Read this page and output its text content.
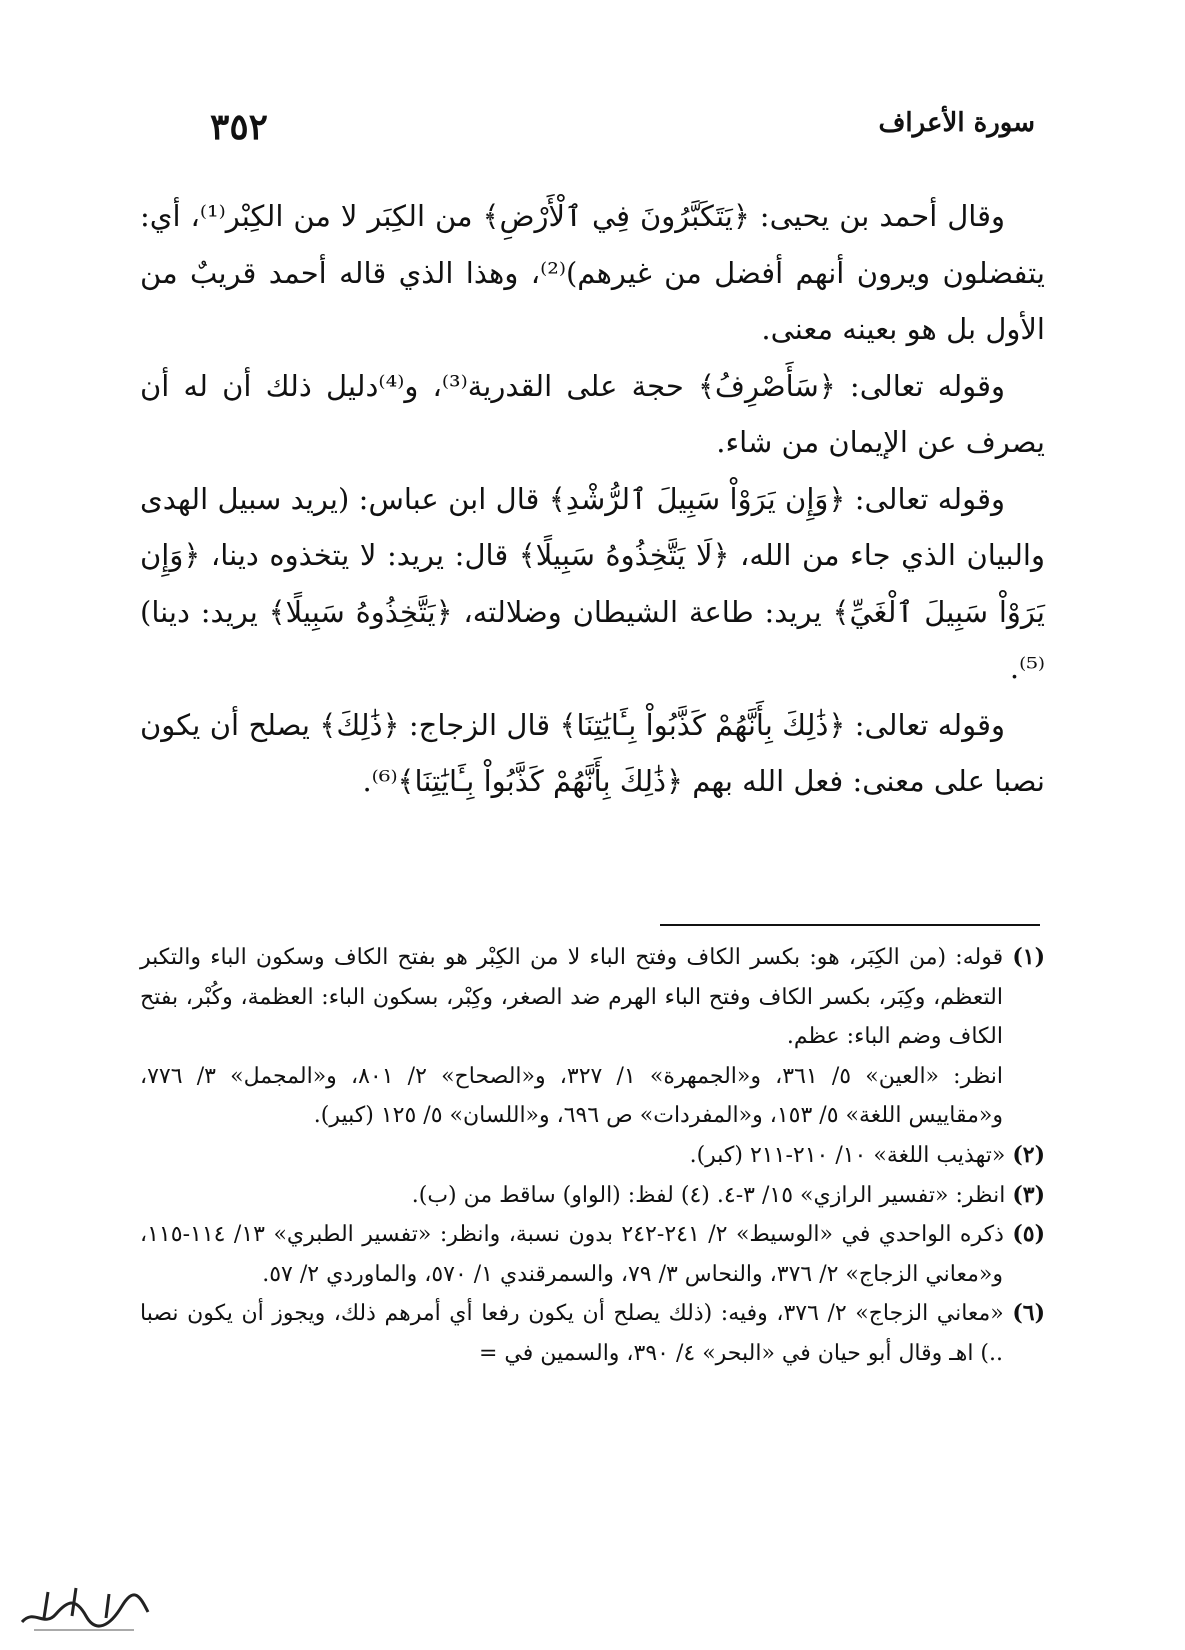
٣٥٢	سورة الأعراف

وقال أحمد بن يحيى: ﴿يَتَكَبَّرُونَ فِي ٱلْأَرْضِ﴾ من الكِبَر لا من الكِبْر⁽¹⁾، أي: يتفضلون ويرون أنهم أفضل من غيرهم)⁽²⁾، وهذا الذي قاله أحمد قريبٌ من الأول بل هو بعينه معنى.

وقوله تعالى: ﴿سَأَصْرِفُ﴾ حجة على القدرية⁽³⁾، و⁽⁴⁾دليل ذلك أن له أن يصرف عن الإيمان من شاء.

وقوله تعالى: ﴿وَإِن يَرَوْاْ سَبِيلَ ٱلرُّشْدِ﴾ قال ابن عباس: (يريد سبيل الهدى والبيان الذي جاء من الله، ﴿لَا يَتَّخِذُوهُ سَبِيلًا﴾ قال: يريد: لا يتخذوه دينا، ﴿وَإِن يَرَوْاْ سَبِيلَ ٱلْغَيِّ﴾ يريد: طاعة الشيطان وضلالته، ﴿يَتَّخِذُوهُ سَبِيلًا﴾ يريد: دينا)⁽⁵⁾.

وقوله تعالى: ﴿ذَٰلِكَ بِأَنَّهُمْ كَذَّبُواْ بِـَٔايَٰتِنَا﴾ قال الزجاج: ﴿ذَٰلِكَ﴾ يصلح أن يكون نصبا على معنى: فعل الله بهم ﴿ذَٰلِكَ بِأَنَّهُمْ كَذَّبُواْ بِـَٔايَٰتِنَا﴾⁽⁶⁾.

(١) قوله: (من الكِبَر، هو: بكسر الكاف وفتح الباء لا من الكِبْر هو بفتح الكاف وسكون الباء والتكبر التعظم، وكِبَر، بكسر الكاف وفتح الباء الهرم ضد الصغر، وكِبْر، بسكون الباء: العظمة، وكُبْر، بفتح الكاف وضم الباء: عظم.

انظر: «العين» ٥/ ٣٦١، و«الجمهرة» ١/ ٣٢٧، و«الصحاح» ٢/ ٨٠١، و«المجمل» ٣/ ٧٧٦، و«مقاييس اللغة» ٥/ ١٥٣، و«المفردات» ص ٦٩٦، و«اللسان» ٥/ ١٢٥ (كبير).

(٢) «تهذيب اللغة» ١٠/ ٢١٠-٢١١ (كبر).

(٣) انظر: «تفسير الرازي» ١٥/ ٣-٤. (٤) لفظ: (الواو) ساقط من (ب).

(٥) ذكره الواحدي في «الوسيط» ٢/ ٢٤١-٢٤٢ بدون نسبة، وانظر: «تفسير الطبري» ١٣/ ١١٤-١١٥، و«معاني الزجاج» ٢/ ٣٧٦، والنحاس ٣/ ٧٩، والسمرقندي ١/ ٥٧٠، والماوردي ٢/ ٥٧.

(٦) «معاني الزجاج» ٢/ ٣٧٦، وفيه: (ذلك يصلح أن يكون رفعا أي أمرهم ذلك، ويجوز أن يكون نصبا ..) اهـ وقال أبو حيان في «البحر» ٤/ ٣٩٠، والسمين في =
